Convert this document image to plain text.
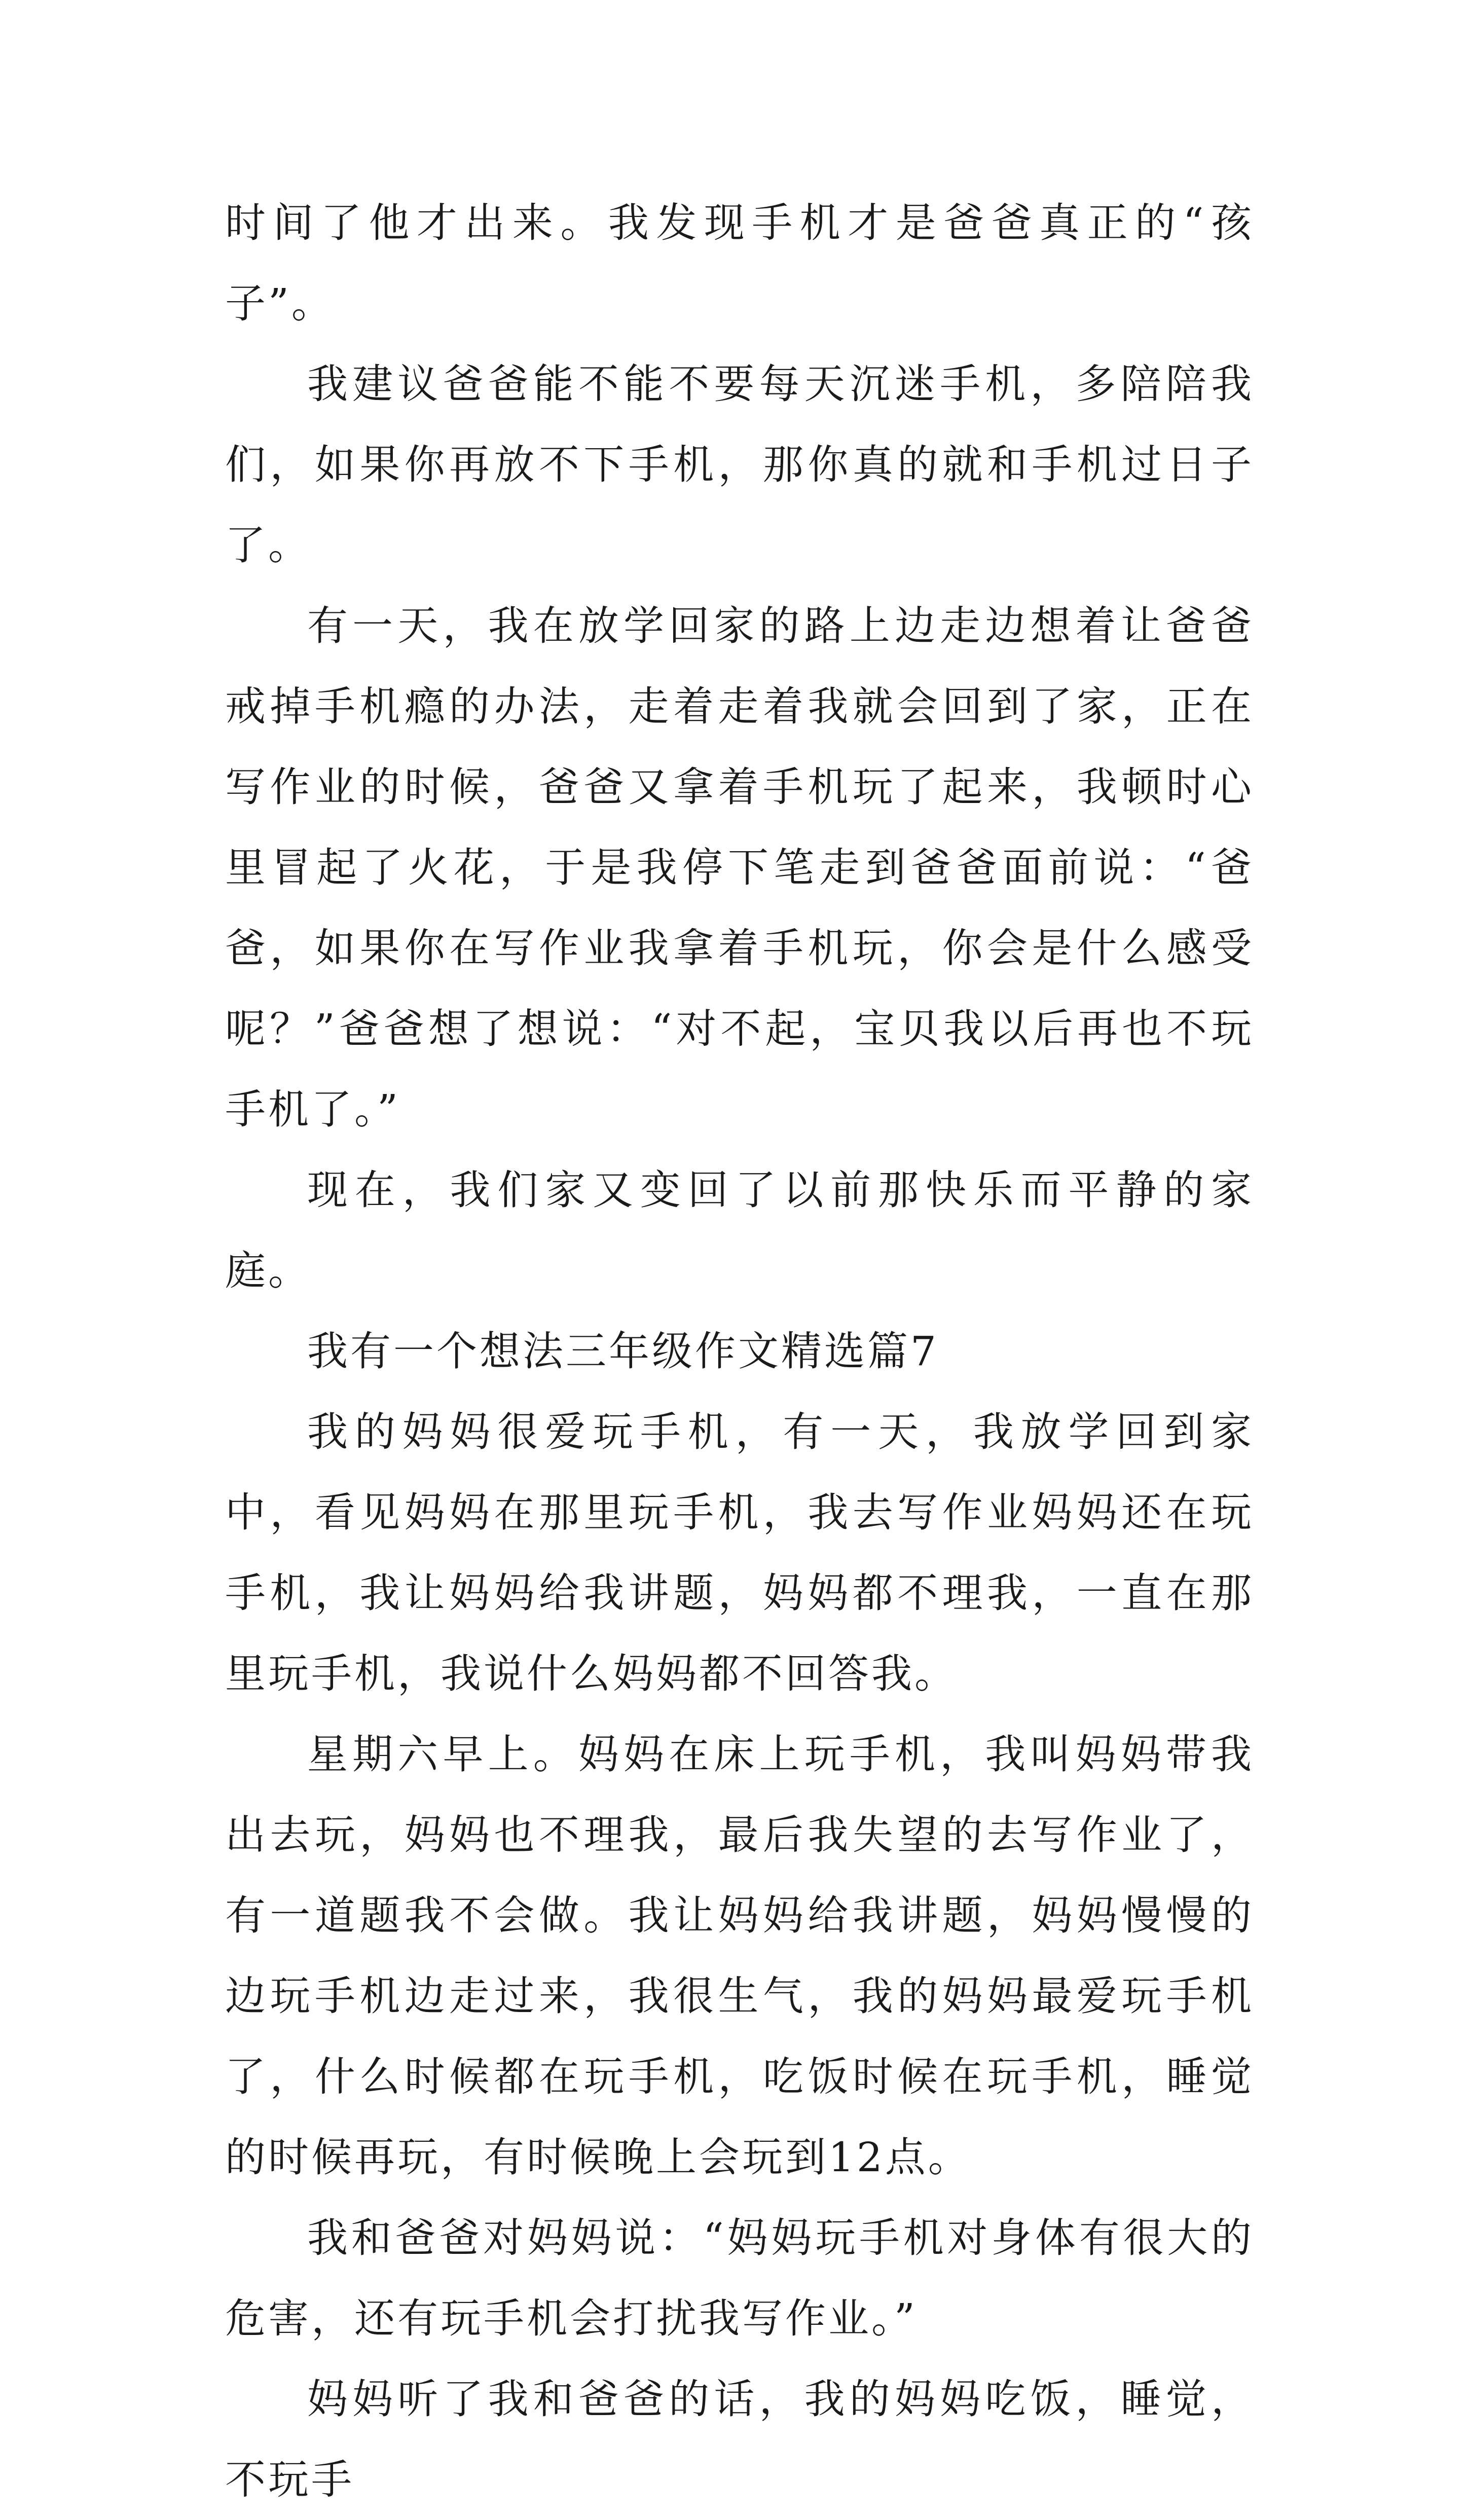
时间了他才出来。我发现手机才是爸爸真正的“孩子”。

我建议爸爸能不能不要每天沉迷手机，多陪陪我们，如果你再放不下手机，那你真的就和手机过日子了。

有一天，我在放学回家的路上边走边想着让爸爸戒掉手机瘾的办法，走着走着我就会回到了家，正在写作业的时候，爸爸又拿着手机玩了起来，我顿时心里冒起了火花，于是我停下笔走到爸爸面前说：“爸爸，如果你在写作业我拿着手机玩，你会是什么感受呢？”爸爸想了想说：“对不起，宝贝我以后再也不玩手机了。”

现在，我们家又变回了以前那快乐而平静的家庭。

我有一个想法三年级作文精选篇7

我的妈妈很爱玩手机，有一天，我放学回到家中，看见妈妈在那里玩手机，我去写作业妈妈还在玩手机，我让妈妈给我讲题，妈妈都不理我，一直在那里玩手机，我说什么妈妈都不回答我。

星期六早上。妈妈在床上玩手机，我叫妈妈带我出去玩，妈妈也不理我，最后我失望的去写作业了，有一道题我不会做。我让妈妈给我讲题，妈妈慢慢的边玩手机边走过来，我很生气，我的妈妈最爱玩手机了，什么时候都在玩手机，吃饭时候在玩手机，睡觉的时候再玩，有时候晚上会玩到12点。

我和爸爸对妈妈说：“妈妈玩手机对身体有很大的危害，还有玩手机会打扰我写作业。”

妈妈听了我和爸爸的话，我的妈妈吃饭，睡觉，不玩手
